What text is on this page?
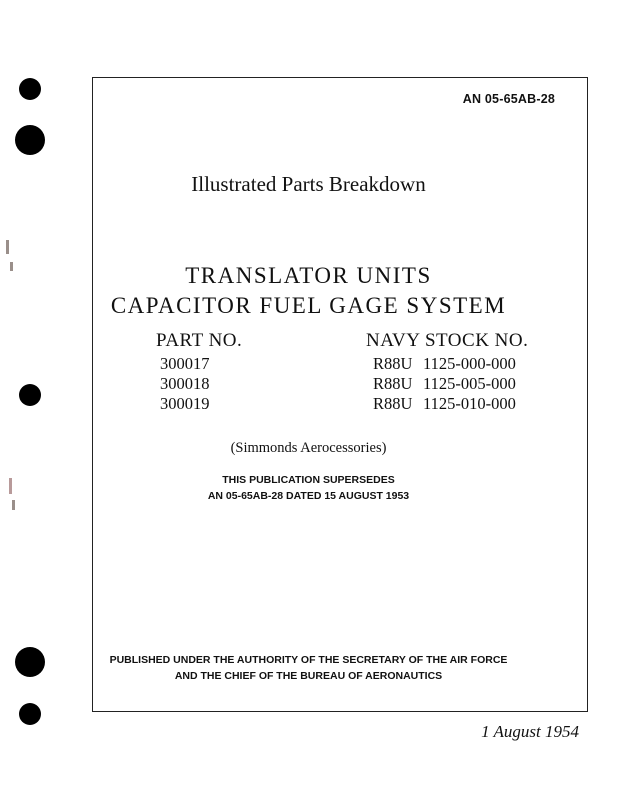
AN 05-65AB-28
Illustrated Parts Breakdown
TRANSLATOR UNITS
CAPACITOR FUEL GAGE SYSTEM
PART NO.	NAVY STOCK NO.
300017	R88U 1125-000-000
300018	R88U 1125-005-000
300019	R88U 1125-010-000
(Simmonds Aerocessories)
THIS PUBLICATION SUPERSEDES
AN 05-65AB-28 DATED 15 AUGUST 1953
PUBLISHED UNDER THE AUTHORITY OF THE SECRETARY OF THE AIR FORCE
AND THE CHIEF OF THE BUREAU OF AERONAUTICS
1 August 1954
